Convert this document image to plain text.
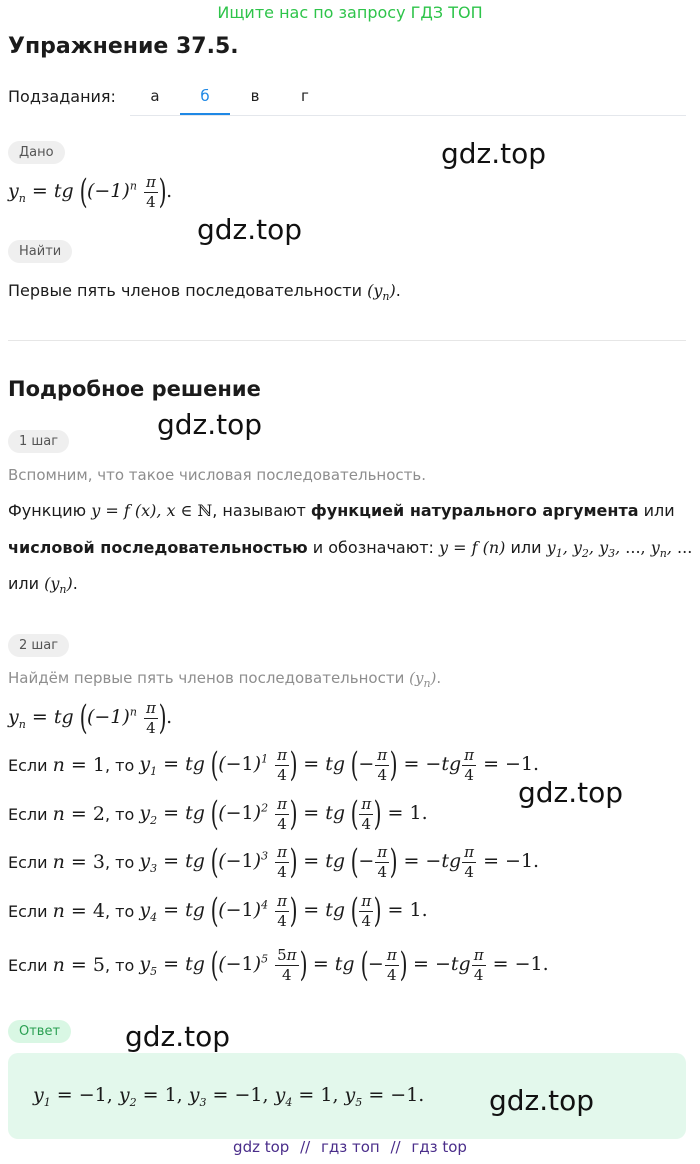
Ищите нас по запросу ГДЗ ТОП
Упражнение 37.5.
Подзадания:	а	б	в	г
Дано
$y_n$ = tg ($(-1)^n \frac{\pi}{4}$ ).
Найти
Первые пять членов последовательности $(y_n)$.
Подробное решение
1 шаг
Вспомним, что такое числовая последовательность.
Функцию y = f (x), x ∈ ℕ, называют функцией натурального аргумента или
числовой последовательностью и обозначают: y = f (n) или $y_1$, $y_2$, $y_3$, ..., $y_n$, ...
или $(y_n)$.
2 шаг
Найдём первые пять членов последовательности $(y_n)$.
$y_n$ = tg ($(-1)^n \frac{\pi}{4}$ ).
Если
n = 1 , то
$y_1$ = tg ($(-1)^1 \frac{\pi}{4}$ ) = tg (− $\frac{\pi}{4}$ ) = $-tg \frac{\pi}{4} = -1$.
Если
n = 2 , то
$y_2$ = tg ($(-1)^2 \frac{\pi}{4}$ ) = tg ( $\frac{\pi}{4}$ ) = 1.
Если
n = 3 , то
$y_3$ = tg ($(-1)^3 \frac{\pi}{4}$ ) = tg (− $\frac{\pi}{4}$ ) = $-tg \frac{\pi}{4} = -1$.
Если
n = 4 , то
$y_4$ = tg ($(-1)^4 \frac{\pi}{4}$ ) = tg ( $\frac{\pi}{4}$ ) = 1.
Если
n = 5 , то
$y_5$ = tg ($(-1)^5 \frac{5\pi}{4}$ ) = tg (− $\frac{\pi}{4}$ ) = $-tg \frac{\pi}{4} = -1$.
Ответ
$y_1 = -1$, $y_2 = 1$, $y_3 = -1$, $y_4 = 1$, $y_5 = -1$.
gdz.top
gdz.top
gdz.top
gdz.top
gdz.top
gdz.top
gdz top // гдз топ // гдз top
